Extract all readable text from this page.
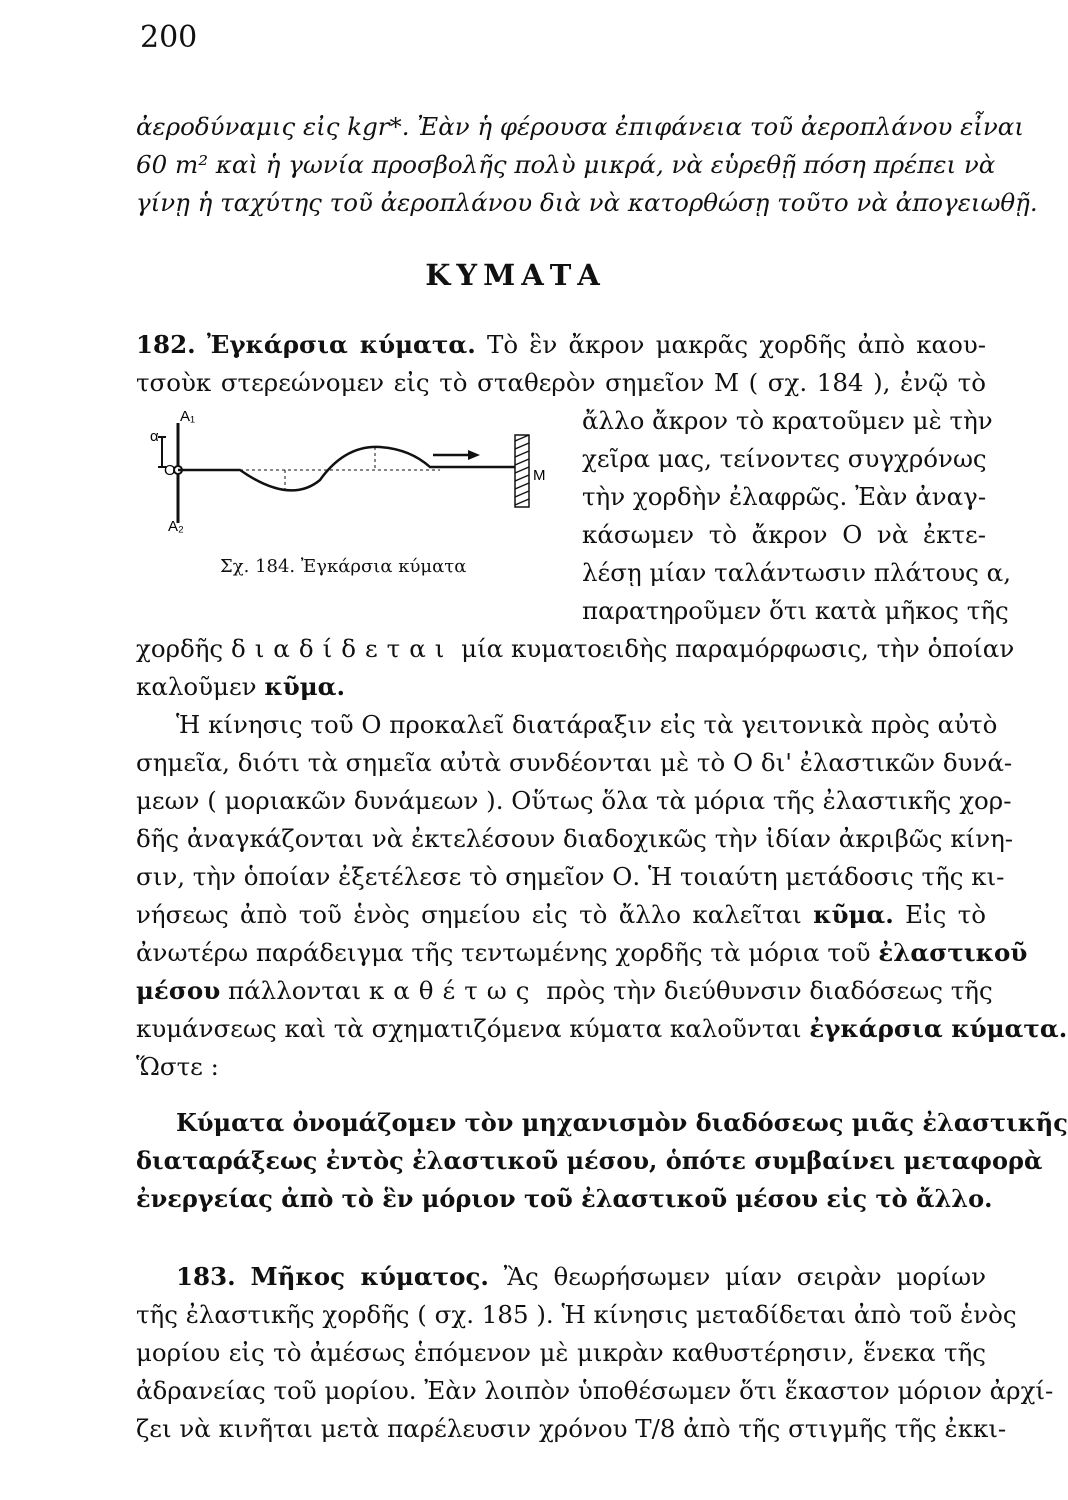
200
ἀεροδύναμις εἰς kgr*. Ἐὰν ἡ φέρουσα ἐπιφάνεια τοῦ ἀεροπλάνου εἶναι
60 m² καὶ ἡ γωνία προσβολῆς πολὺ μικρά, νὰ εὑρεθῇ πόση πρέπει νὰ
γίνῃ ἡ ταχύτης τοῦ ἀεροπλάνου διὰ νὰ κατορθώσῃ τοῦτο νὰ ἀπογειωθῇ.
ΚΥΜΑΤΑ
182. Ἐγκάρσια κύματα. Τὸ ἓν ἄκρον μακρᾶς χορδῆς ἀπὸ καου-
τσοὺκ στερεώνομεν εἰς τὸ σταθερὸν σημεῖον Μ ( σχ. 184 ), ἐνῷ τὸ
α
A₁
O
A₂
M
Σχ. 184. Ἐγκάρσια κύματα
ἄλλο ἄκρον τὸ κρατοῦμεν μὲ τὴν
χεῖρα μας, τείνοντες συγχρόνως
τὴν χορδὴν ἐλαφρῶς. Ἐὰν ἀναγ-
κάσωμεν τὸ ἄκρον Ο νὰ ἐκτε-
λέσῃ μίαν ταλάντωσιν πλάτους α,
παρατηροῦμεν ὅτι κατὰ μῆκος τῆς
χορδῆς διαδίδεται μία κυματοειδὴς παραμόρφωσις, τὴν ὁποίαν
καλοῦμεν κῦμα.
Ἡ κίνησις τοῦ Ο προκαλεῖ διατάραξιν εἰς τὰ γειτονικὰ πρὸς αὐτὸ
σημεῖα, διότι τὰ σημεῖα αὐτὰ συνδέονται μὲ τὸ Ο δι' ἐλαστικῶν δυνά-
μεων ( μοριακῶν δυνάμεων ). Οὕτως ὅλα τὰ μόρια τῆς ἐλαστικῆς χορ-
δῆς ἀναγκάζονται νὰ ἐκτελέσουν διαδοχικῶς τὴν ἰδίαν ἀκριβῶς κίνη-
σιν, τὴν ὁποίαν ἐξετέλεσε τὸ σημεῖον Ο. Ἡ τοιαύτη μετάδοσις τῆς κι-
νήσεως ἀπὸ τοῦ ἑνὸς σημείου εἰς τὸ ἄλλο καλεῖται κῦμα. Εἰς τὸ
ἀνωτέρω παράδειγμα τῆς τεντωμένης χορδῆς τὰ μόρια τοῦ ἐλαστικοῦ
μέσου πάλλονται καθέτως πρὸς τὴν διεύθυνσιν διαδόσεως τῆς
κυμάνσεως καὶ τὰ σχηματιζόμενα κύματα καλοῦνται ἐγκάρσια κύματα.
Ὥστε :
Κύματα ὀνομάζομεν τὸν μηχανισμὸν διαδόσεως μιᾶς ἐλαστικῆς
διαταράξεως ἐντὸς ἐλαστικοῦ μέσου, ὁπότε συμβαίνει μεταφορὰ
ἐνεργείας ἀπὸ τὸ ἓν μόριον τοῦ ἐλαστικοῦ μέσου εἰς τὸ ἄλλο.
183. Μῆκος κύματος. Ἂς θεωρήσωμεν μίαν σειρὰν μορίων
τῆς ἐλαστικῆς χορδῆς ( σχ. 185 ). Ἡ κίνησις μεταδίδεται ἀπὸ τοῦ ἑνὸς
μορίου εἰς τὸ ἀμέσως ἑπόμενον μὲ μικρὰν καθυστέρησιν, ἕνεκα τῆς
ἀδρανείας τοῦ μορίου. Ἐὰν λοιπὸν ὑποθέσωμεν ὅτι ἕκαστον μόριον ἀρχί-
ζει νὰ κινῆται μετὰ παρέλευσιν χρόνου Τ/8 ἀπὸ τῆς στιγμῆς τῆς ἐκκι-
